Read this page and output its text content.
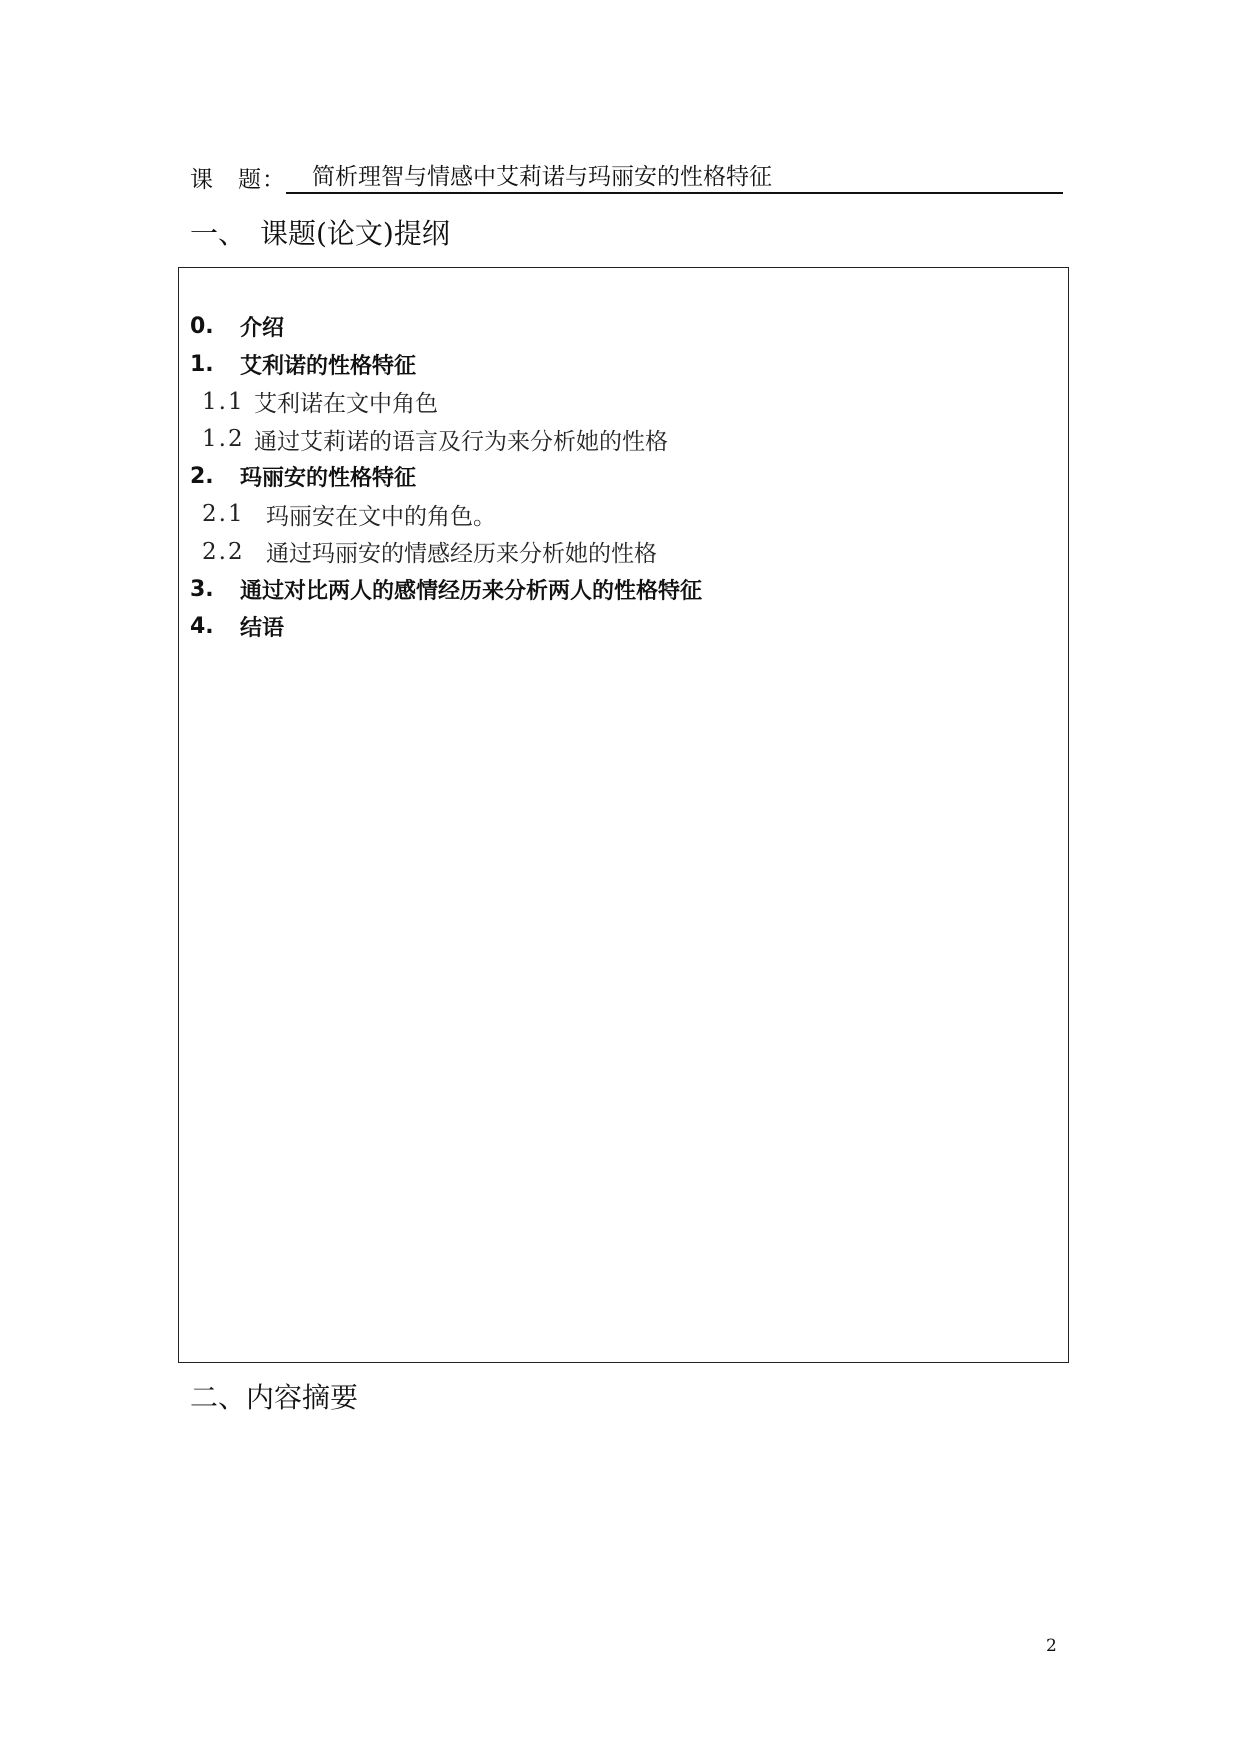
课　题：	简析理智与情感中艾莉诺与玛丽安的性格特征
一、　课题(论文)提纲
0.	介绍
1.	艾利诺的性格特征
1.1 艾利诺在文中角色
1.2 通过艾莉诺的语言及行为来分析她的性格
2.	玛丽安的性格特征
2.1 玛丽安在文中的角色。
2.2 通过玛丽安的情感经历来分析她的性格
3.	通过对比两人的感情经历来分析两人的性格特征
4.	结语
二、内容摘要
2
